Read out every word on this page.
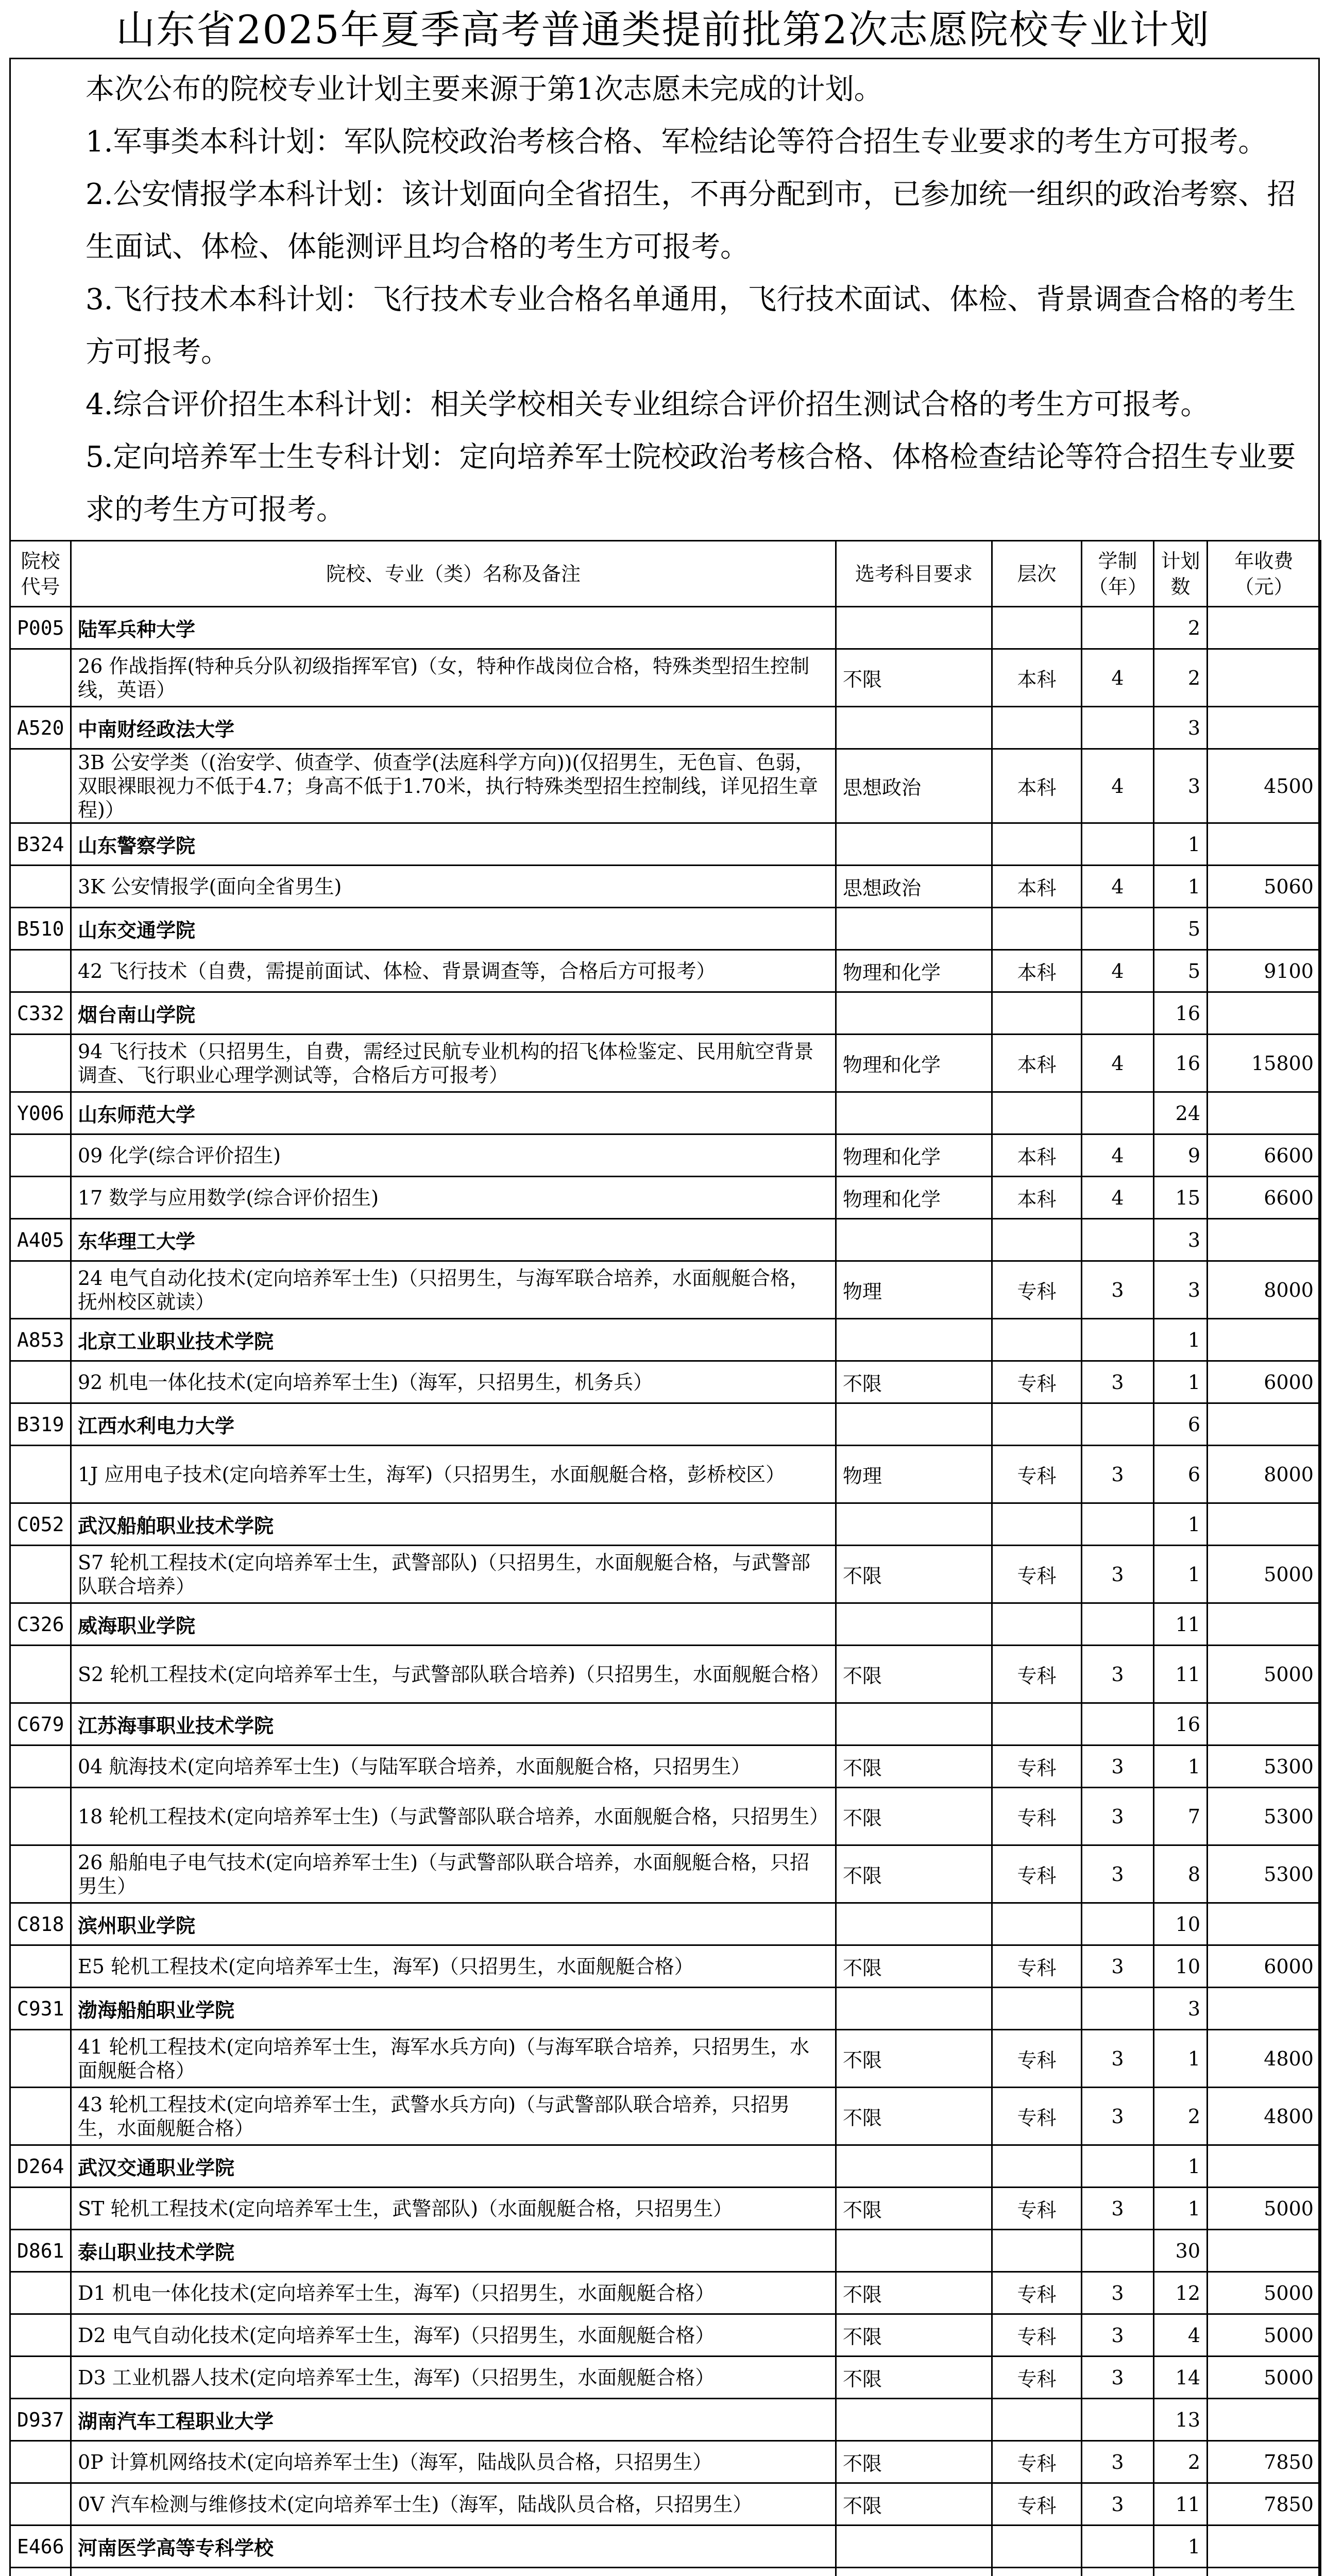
山东省2025年夏季高考普通类提前批第2次志愿院校专业计划

本次公布的院校专业计划主要来源于第1次志愿未完成的计划。

1.军事类本科计划：军队院校政治考核合格、军检结论等符合招生专业要求的考生方可报考。

2.公安情报学本科计划：该计划面向全省招生，不再分配到市，已参加统一组织的政治考察、招生面试、体检、体能测评且均合格的考生方可报考。

3.飞行技术本科计划：飞行技术专业合格名单通用，飞行技术面试、体检、背景调查合格的考生方可报考。

4.综合评价招生本科计划：相关学校相关专业组综合评价招生测试合格的考生方可报考。

5.定向培养军士生专科计划：定向培养军士院校政治考核合格、体格检查结论等符合招生专业要求的考生方可报考。

院校代号	院校、专业（类）名称及备注	选考科目要求	层次	学制（年）	计划数	年收费（元）
P005	陆军兵种大学				2	
	26 作战指挥(特种兵分队初级指挥军官)（女，特种作战岗位合格，特殊类型招生控制线，英语）	不限	本科	4	2	
A520	中南财经政法大学				3	
	3B 公安学类（(治安学、侦查学、侦查学(法庭科学方向))(仅招男生，无色盲、色弱，双眼裸眼视力不低于4.7；身高不低于1.70米，执行特殊类型招生控制线，详见招生章程)）	思想政治	本科	4	3	4500
B324	山东警察学院				1	
	3K 公安情报学(面向全省男生)	思想政治	本科	4	1	5060
B510	山东交通学院				5	
	42 飞行技术（自费，需提前面试、体检、背景调查等，合格后方可报考）	物理和化学	本科	4	5	9100
C332	烟台南山学院				16	
	94 飞行技术（只招男生，自费，需经过民航专业机构的招飞体检鉴定、民用航空背景调查、飞行职业心理学测试等，合格后方可报考）	物理和化学	本科	4	16	15800
Y006	山东师范大学				24	
	09 化学(综合评价招生)	物理和化学	本科	4	9	6600
	17 数学与应用数学(综合评价招生)	物理和化学	本科	4	15	6600
A405	东华理工大学				3	
	24 电气自动化技术(定向培养军士生)（只招男生，与海军联合培养，水面舰艇合格，抚州校区就读）	物理	专科	3	3	8000
A853	北京工业职业技术学院				1	
	92 机电一体化技术(定向培养军士生)（海军，只招男生，机务兵）	不限	专科	3	1	6000
B319	江西水利电力大学				6	
	1J 应用电子技术(定向培养军士生，海军)（只招男生，水面舰艇合格，彭桥校区）	物理	专科	3	6	8000
C052	武汉船舶职业技术学院				1	
	S7 轮机工程技术(定向培养军士生，武警部队)（只招男生，水面舰艇合格，与武警部队联合培养）	不限	专科	3	1	5000
C326	威海职业学院				11	
	S2 轮机工程技术(定向培养军士生，与武警部队联合培养)（只招男生，水面舰艇合格）	不限	专科	3	11	5000
C679	江苏海事职业技术学院				16	
	04 航海技术(定向培养军士生)（与陆军联合培养，水面舰艇合格，只招男生）	不限	专科	3	1	5300
	18 轮机工程技术(定向培养军士生)（与武警部队联合培养，水面舰艇合格，只招男生）	不限	专科	3	7	5300
	26 船舶电子电气技术(定向培养军士生)（与武警部队联合培养，水面舰艇合格，只招男生）	不限	专科	3	8	5300
C818	滨州职业学院				10	
	E5 轮机工程技术(定向培养军士生，海军)（只招男生，水面舰艇合格）	不限	专科	3	10	6000
C931	渤海船舶职业学院				3	
	41 轮机工程技术(定向培养军士生，海军水兵方向)（与海军联合培养，只招男生，水面舰艇合格）	不限	专科	3	1	4800
	43 轮机工程技术(定向培养军士生，武警水兵方向)（与武警部队联合培养，只招男生，水面舰艇合格）	不限	专科	3	2	4800
D264	武汉交通职业学院				1	
	ST 轮机工程技术(定向培养军士生，武警部队)（水面舰艇合格，只招男生）	不限	专科	3	1	5000
D861	泰山职业技术学院				30	
	D1 机电一体化技术(定向培养军士生，海军)（只招男生，水面舰艇合格）	不限	专科	3	12	5000
	D2 电气自动化技术(定向培养军士生，海军)（只招男生，水面舰艇合格）	不限	专科	3	4	5000
	D3 工业机器人技术(定向培养军士生，海军)（只招男生，水面舰艇合格）	不限	专科	3	14	5000
D937	湖南汽车工程职业大学				13	
	0P 计算机网络技术(定向培养军士生)（海军，陆战队员合格，只招男生）	不限	专科	3	2	7850
	0V 汽车检测与维修技术(定向培养军士生)（海军，陆战队员合格，只招男生）	不限	专科	3	11	7850
E466	河南医学高等专科学校				1	
